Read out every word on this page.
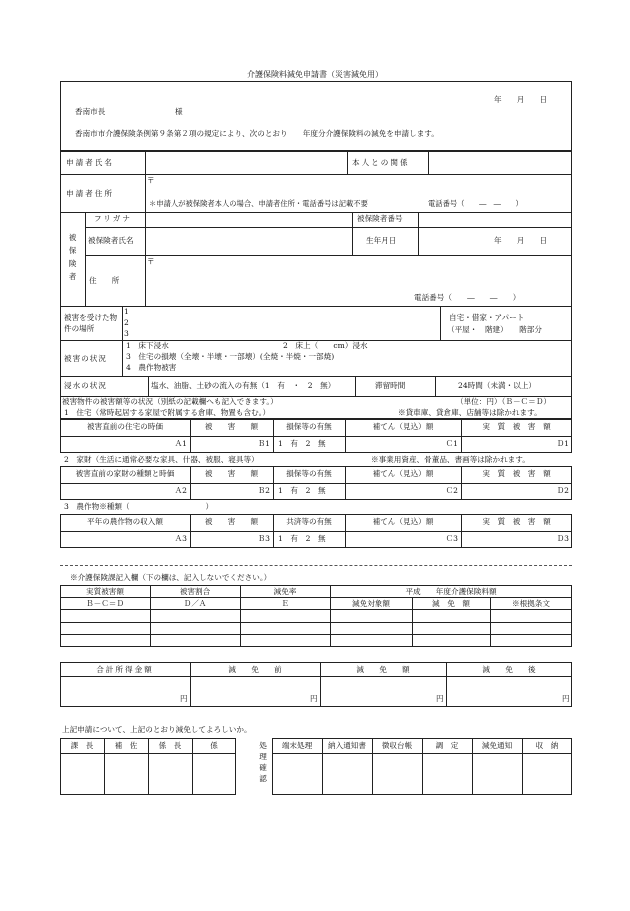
介護保険料減免申請書（災害減免用）
年　　月　　日
香南市長	様
香南市市介護保険条例第９条第２項の規定により、次のとおり　　年度分介護保険料の減免を申請します。
申請者氏名	本人との関係
申請者住所
〒
＊申請人が被保険者本人の場合、申請者住所・電話番号は記載不要	電話番号（　　―　―　　）
被保険者
フリガナ	被保険者番号
被保険者氏名	生年月日	年　　月　　日
住　　所
〒
電話番号（　　―　　―　　）
被害を受けた物件の場所
1
2
3
自宅・借家・アパート
（平屋・　階建）　　階部分
被害の状況
1　床下浸水	2　床上（　　cm）浸水
3　住宅の損壊（全壊・半壊・一部壊）(全焼・半焼・一部焼)
4　農作物被害
浸水の状況	塩水、油脂、土砂の流入の有無（1　有　・　2　無）	滞留時間	24時間（未満・以上）
被害物件の被害額等の状況（別紙の記載欄へも記入できます。）	（単位：円）（Ｂ－Ｃ＝Ｄ）
1　住宅（常時起居する家屋で附属する倉庫、物置も含む。）	※貸車庫、貸倉庫、店舗等は除かれます。
被害直前の住宅の時価	被　　害　　額	損保等の有無	補てん（見込）額	実　質　被　害　額
Ａ1	Ｂ1 1　有　2　無	Ｃ1	Ｄ1
2　家財（生活に通常必要な家具、什器、被服、寝具等）	※事業用資産、骨董品、書画等は除かれます。
被害直前の家財の種類と時価	被　　害　　額	損保等の有無	補てん（見込）額	実　質　被　害　額
Ａ2	Ｂ2 1　有　2　無	Ｃ2	Ｄ2
3　農作物※種類（　　　　　　　　　　）
平年の農作物の収入額	被　　害　　額	共済等の有無	補てん（見込）額	実　質　被　害　額
Ａ3	Ｂ3 1　有　2　無	Ｃ3	Ｄ3
※介護保険課記入欄（下の欄は、記入しないでください。）
実質被害額	被害割合	減免率	平成　　年度介護保険料額
Ｂ－Ｃ＝Ｄ	Ｄ／Ａ	Ｅ	減免対象額	減　免　額	※根拠条文
合計所得金額	減　　免　　前	減　　免　　額	減　　免　　後
円	円	円	円
上記申請について、上記のとおり減免してよろしいか。
課　長	補　佐	係　長	係	処理確認
端末処理	納入通知書	徴収台帳	調　定	減免通知	収　納
